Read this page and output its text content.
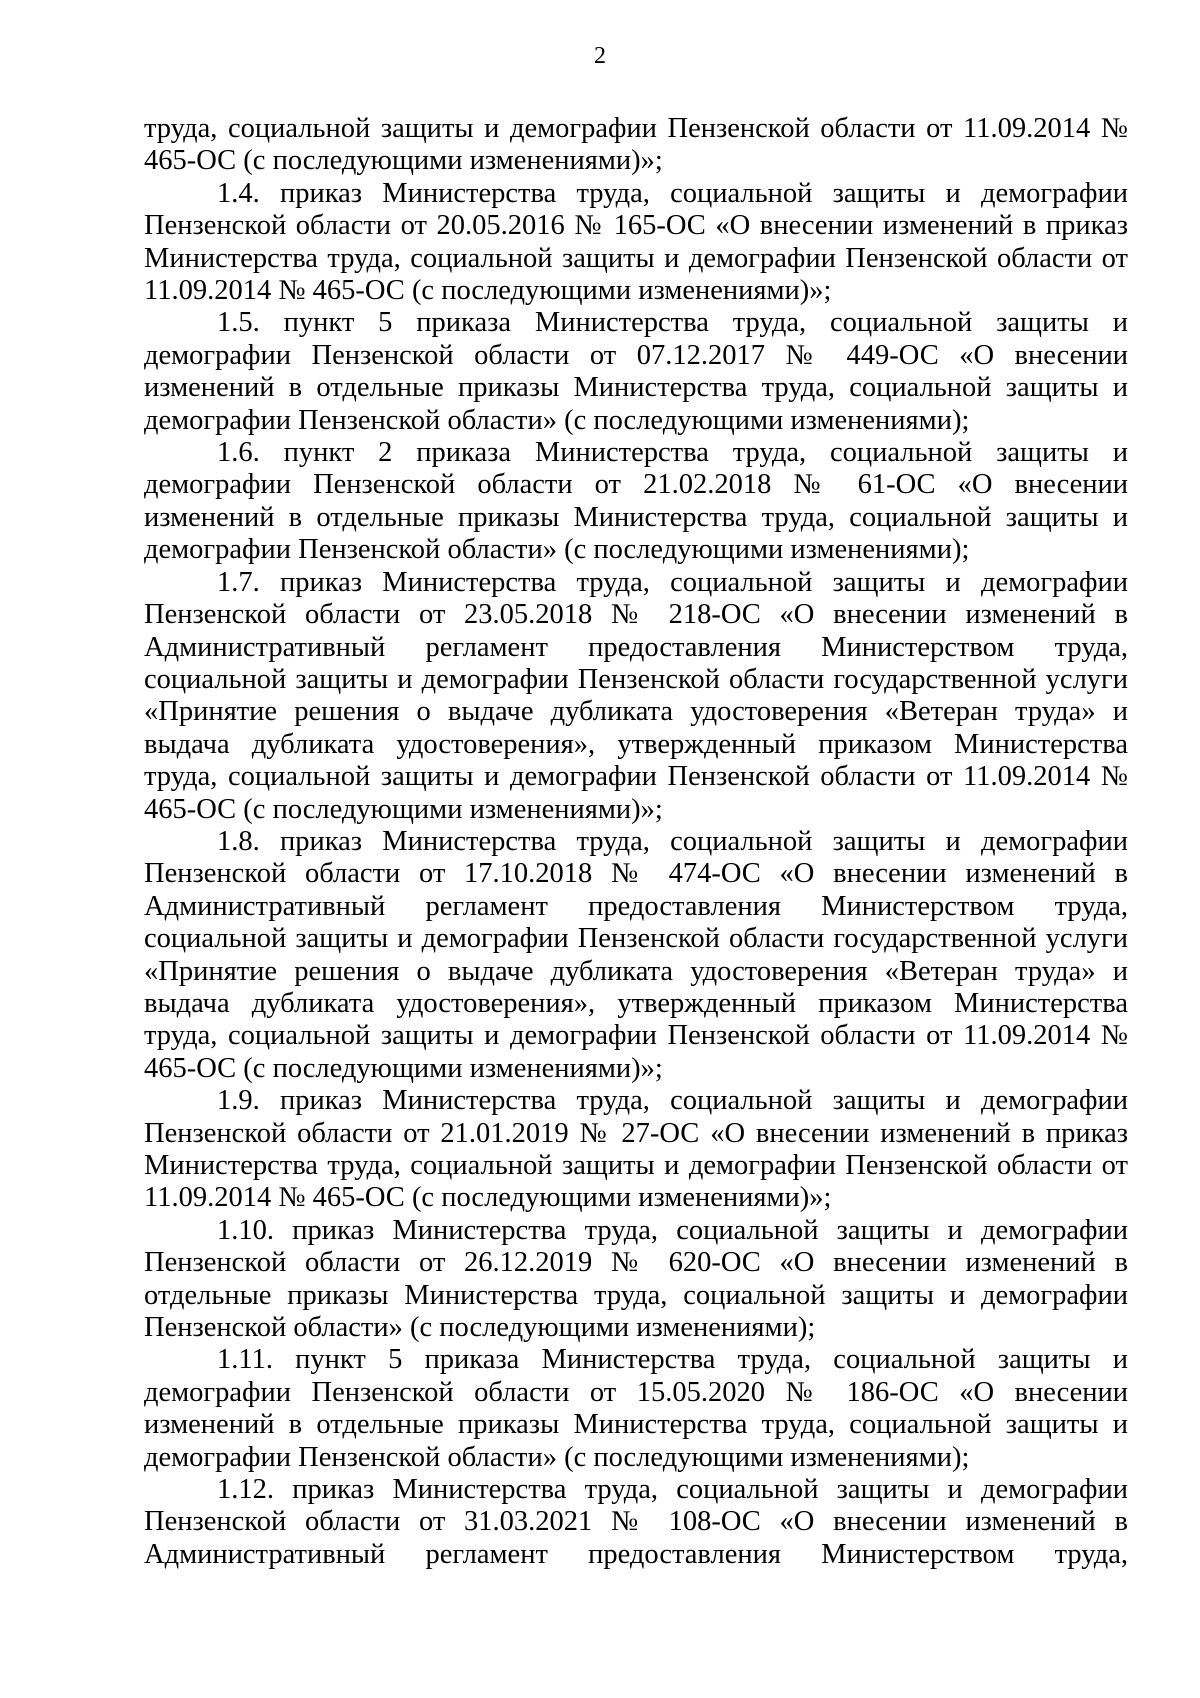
2

труда, социальной защиты и демографии Пензенской области от 11.09.2014 № 465-ОС (с последующими изменениями)»;

1.4. приказ Министерства труда, социальной защиты и демографии Пензенской области от 20.05.2016 № 165-ОС «О внесении изменений в приказ Министерства труда, социальной защиты и демографии Пензенской области от 11.09.2014 № 465-ОС (с последующими изменениями)»;

1.5. пункт 5 приказа Министерства труда, социальной защиты и демографии Пензенской области от 07.12.2017 № 449-ОС «О внесении изменений в отдельные приказы Министерства труда, социальной защиты и демографии Пензенской области» (с последующими изменениями);

1.6. пункт 2 приказа Министерства труда, социальной защиты и демографии Пензенской области от 21.02.2018 № 61-ОС «О внесении изменений в отдельные приказы Министерства труда, социальной защиты и демографии Пензенской области» (с последующими изменениями);

1.7. приказ Министерства труда, социальной защиты и демографии Пензенской области от 23.05.2018 № 218-ОС «О внесении изменений в Административный регламент предоставления Министерством труда, социальной защиты и демографии Пензенской области государственной услуги «Принятие решения о выдаче дубликата удостоверения «Ветеран труда» и выдача дубликата удостоверения», утвержденный приказом Министерства труда, социальной защиты и демографии Пензенской области от 11.09.2014 № 465-ОС (с последующими изменениями)»;

1.8. приказ Министерства труда, социальной защиты и демографии Пензенской области от 17.10.2018 № 474-ОС «О внесении изменений в Административный регламент предоставления Министерством труда, социальной защиты и демографии Пензенской области государственной услуги «Принятие решения о выдаче дубликата удостоверения «Ветеран труда» и выдача дубликата удостоверения», утвержденный приказом Министерства труда, социальной защиты и демографии Пензенской области от 11.09.2014 № 465-ОС (с последующими изменениями)»;

1.9. приказ Министерства труда, социальной защиты и демографии Пензенской области от 21.01.2019 № 27-ОС «О внесении изменений в приказ Министерства труда, социальной защиты и демографии Пензенской области от 11.09.2014 № 465-ОС (с последующими изменениями)»;

1.10. приказ Министерства труда, социальной защиты и демографии Пензенской области от 26.12.2019 № 620-ОС «О внесении изменений в отдельные приказы Министерства труда, социальной защиты и демографии Пензенской области» (с последующими изменениями);

1.11. пункт 5 приказа Министерства труда, социальной защиты и демографии Пензенской области от 15.05.2020 № 186-ОС «О внесении изменений в отдельные приказы Министерства труда, социальной защиты и демографии Пензенской области» (с последующими изменениями);

1.12. приказ Министерства труда, социальной защиты и демографии Пензенской области от 31.03.2021 № 108-ОС «О внесении изменений в Административный регламент предоставления Министерством труда,
